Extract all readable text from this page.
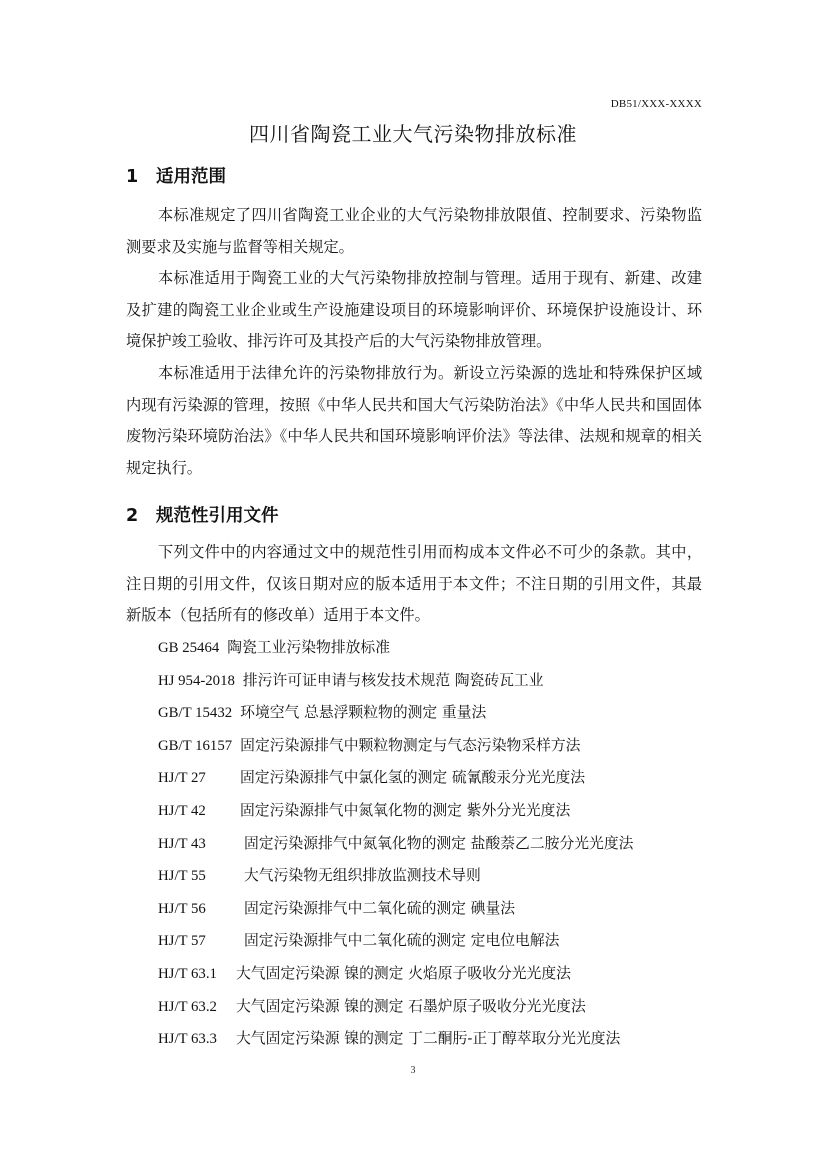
DB51/XXX-XXXX
四川省陶瓷工业大气污染物排放标准
1 适用范围

本标准规定了四川省陶瓷工业企业的大气污染物排放限值、控制要求、污染物监测要求及实施与监督等相关规定。

本标准适用于陶瓷工业的大气污染物排放控制与管理。适用于现有、新建、改建及扩建的陶瓷工业企业或生产设施建设项目的环境影响评价、环境保护设施设计、环境保护竣工验收、排污许可及其投产后的大气污染物排放管理。

本标准适用于法律允许的污染物排放行为。新设立污染源的选址和特殊保护区域内现有污染源的管理，按照《中华人民共和国大气污染防治法》《中华人民共和国固体废物污染环境防治法》《中华人民共和国环境影响评价法》等法律、法规和规章的相关规定执行。

2 规范性引用文件

下列文件中的内容通过文中的规范性引用而构成本文件必不可少的条款。其中，注日期的引用文件，仅该日期对应的版本适用于本文件；不注日期的引用文件，其最新版本（包括所有的修改单）适用于本文件。

GB 25464 陶瓷工业污染物排放标准
HJ 954-2018 排污许可证申请与核发技术规范 陶瓷砖瓦工业
GB/T 15432 环境空气 总悬浮颗粒物的测定 重量法
GB/T 16157 固定污染源排气中颗粒物测定与气态污染物采样方法
HJ/T 27 固定污染源排气中氯化氢的测定 硫氰酸汞分光光度法
HJ/T 42 固定污染源排气中氮氧化物的测定 紫外分光光度法
HJ/T 43	固定污染源排气中氮氧化物的测定 盐酸萘乙二胺分光光度法
HJ/T 55	大气污染物无组织排放监测技术导则
HJ/T 56	固定污染源排气中二氧化硫的测定 碘量法
HJ/T 57	固定污染源排气中二氧化硫的测定 定电位电解法
HJ/T 63.1 大气固定污染源 镍的测定 火焰原子吸收分光光度法
HJ/T 63.2 大气固定污染源 镍的测定 石墨炉原子吸收分光光度法
HJ/T 63.3 大气固定污染源 镍的测定 丁二酮肟-正丁醇萃取分光光度法
3
